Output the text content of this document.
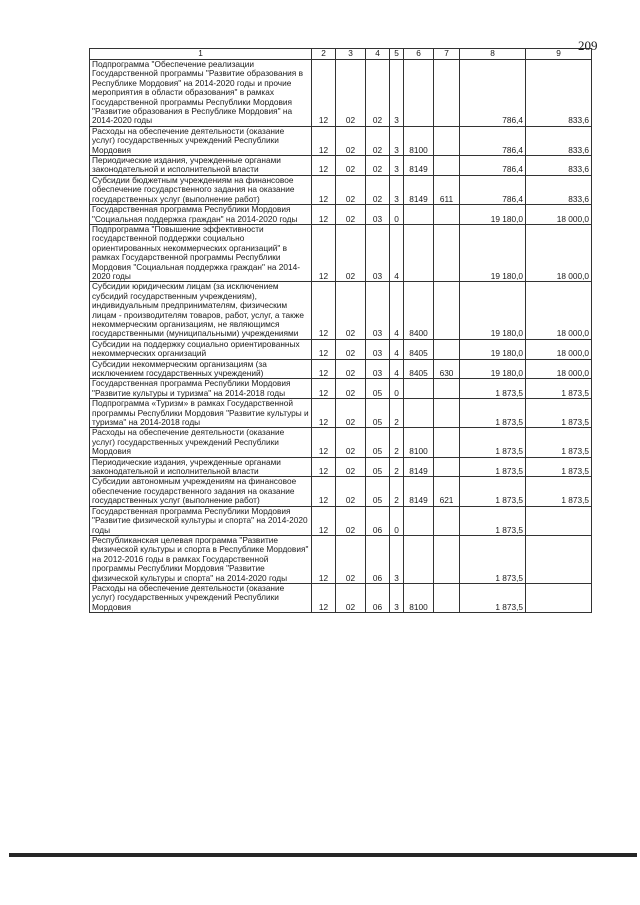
209
1	2	3	4	5	6	7	8	9
Подпрограмма "Обеспечение реализации Государственной программы "Развитие образования в Республике Мордовия" на 2014-2020 годы и прочие мероприятия в области образования" в рамках Государственной программы Республики Мордовия "Развитие образования в Республике Мордовия" на 2014-2020 годы	12	02	02	3			786,4	833,6
Расходы на обеспечение деятельности (оказание услуг) государственных учреждений Республики Мордовия	12	02	02	3	8100		786,4	833,6
Периодические издания, учрежденные органами законодательной и исполнительной власти	12	02	02	3	8149		786,4	833,6
Субсидии бюджетным учреждениям на финансовое обеспечение государственного задания на оказание государственных услуг (выполнение работ)	12	02	02	3	8149	611	786,4	833,6
Государственная программа Республики Мордовия "Социальная поддержка граждан" на 2014-2020 годы	12	02	03	0			19 180,0	18 000,0
Подпрограмма "Повышение эффективности государственной поддержки социально ориентированных некоммерческих организаций" в рамках Государственной программы Республики Мордовия "Социальная поддержка граждан" на 2014-2020 годы	12	02	03	4			19 180,0	18 000,0
Субсидии юридическим лицам (за исключением субсидий государственным учреждениям), индивидуальным предпринимателям, физическим лицам - производителям товаров, работ, услуг, а также некоммерческим организациям, не являющимся государственными (муниципальными) учреждениями	12	02	03	4	8400		19 180,0	18 000,0
Субсидии на поддержку социально ориентированных некоммерческих организаций	12	02	03	4	8405		19 180,0	18 000,0
Субсидии некоммерческим организациям (за исключением государственных учреждений)	12	02	03	4	8405	630	19 180,0	18 000,0
Государственная программа Республики Мордовия "Развитие культуры и туризма" на 2014-2018 годы	12	02	05	0			1 873,5	1 873,5
Подпрограмма «Туризм» в рамках Государственной программы Республики Мордовия "Развитие культуры и туризма" на 2014-2018 годы	12	02	05	2			1 873,5	1 873,5
Расходы на обеспечение деятельности (оказание услуг) государственных учреждений Республики Мордовия	12	02	05	2	8100		1 873,5	1 873,5
Периодические издания, учрежденные органами законодательной и исполнительной власти	12	02	05	2	8149		1 873,5	1 873,5
Субсидии автономным учреждениям на финансовое обеспечение государственного задания на оказание государственных услуг (выполнение работ)	12	02	05	2	8149	621	1 873,5	1 873,5
Государственная программа Республики Мордовия "Развитие физической культуры и спорта" на 2014-2020 годы	12	02	06	0			1 873,5	
Республиканская целевая программа "Развитие физической культуры и спорта в Республике Мордовия" на 2012-2016 годы в рамках Государственной программы Республики Мордовия "Развитие физической культуры и спорта" на 2014-2020 годы	12	02	06	3			1 873,5	
Расходы на обеспечение деятельности (оказание услуг) государственных учреждений Республики Мордовия	12	02	06	3	8100		1 873,5	
